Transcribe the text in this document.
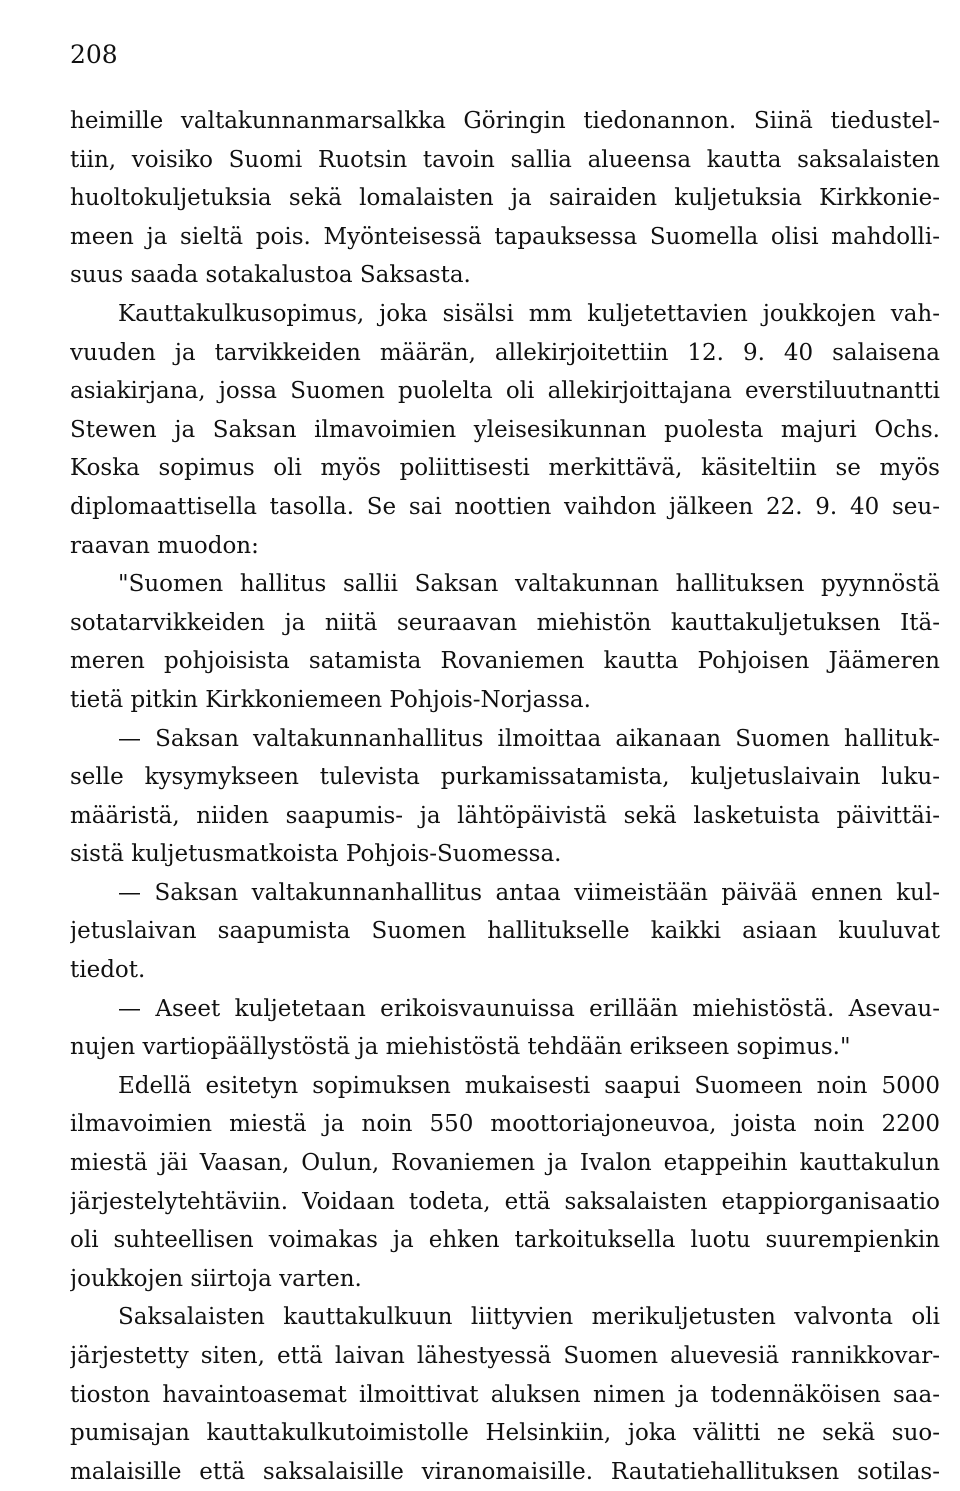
208
heimille valtakunnanmarsalkka Göringin tiedonannon. Siinä tiedustel-
tiin, voisiko Suomi Ruotsin tavoin sallia alueensa kautta saksalaisten
huoltokuljetuksia sekä lomalaisten ja sairaiden kuljetuksia Kirkkonie-
meen ja sieltä pois. Myönteisessä tapauksessa Suomella olisi mahdolli-
suus saada sotakalustoa Saksasta.
Kauttakulkusopimus, joka sisälsi mm kuljetettavien joukkojen vah-
vuuden ja tarvikkeiden määrän, allekirjoitettiin 12. 9. 40 salaisena
asiakirjana, jossa Suomen puolelta oli allekirjoittajana everstiluutnantti
Stewen ja Saksan ilmavoimien yleisesikunnan puolesta majuri Ochs.
Koska sopimus oli myös poliittisesti merkittävä, käsiteltiin se myös
diplomaattisella tasolla. Se sai noottien vaihdon jälkeen 22. 9. 40 seu-
raavan muodon:
"Suomen hallitus sallii Saksan valtakunnan hallituksen pyynnöstä
sotatarvikkeiden ja niitä seuraavan miehistön kauttakuljetuksen Itä-
meren pohjoisista satamista Rovaniemen kautta Pohjoisen Jäämeren
tietä pitkin Kirkkoniemeen Pohjois-Norjassa.
— Saksan valtakunnanhallitus ilmoittaa aikanaan Suomen hallituk-
selle kysymykseen tulevista purkamissatamista, kuljetuslaivain luku-
määristä, niiden saapumis- ja lähtöpäivistä sekä lasketuista päivittäi-
sistä kuljetusmatkoista Pohjois-Suomessa.
— Saksan valtakunnanhallitus antaa viimeistään päivää ennen kul-
jetuslaivan saapumista Suomen hallitukselle kaikki asiaan kuuluvat
tiedot.
— Aseet kuljetetaan erikoisvaunuissa erillään miehistöstä. Asevau-
nujen vartiopäällystöstä ja miehistöstä tehdään erikseen sopimus."
Edellä esitetyn sopimuksen mukaisesti saapui Suomeen noin 5000
ilmavoimien miestä ja noin 550 moottoriajoneuvoa, joista noin 2200
miestä jäi Vaasan, Oulun, Rovaniemen ja Ivalon etappeihin kauttakulun
järjestelytehtäviin. Voidaan todeta, että saksalaisten etappiorganisaatio
oli suhteellisen voimakas ja ehken tarkoituksella luotu suurempienkin
joukkojen siirtoja varten.
Saksalaisten kauttakulkuun liittyvien merikuljetusten valvonta oli
järjestetty siten, että laivan lähestyessä Suomen aluevesiä rannikkovar-
tioston havaintoasemat ilmoittivat aluksen nimen ja todennäköisen saa-
pumisajan kauttakulkutoimistolle Helsinkiin, joka välitti ne sekä suo-
malaisille että saksalaisille viranomaisille. Rautatiehallituksen sotilas-
